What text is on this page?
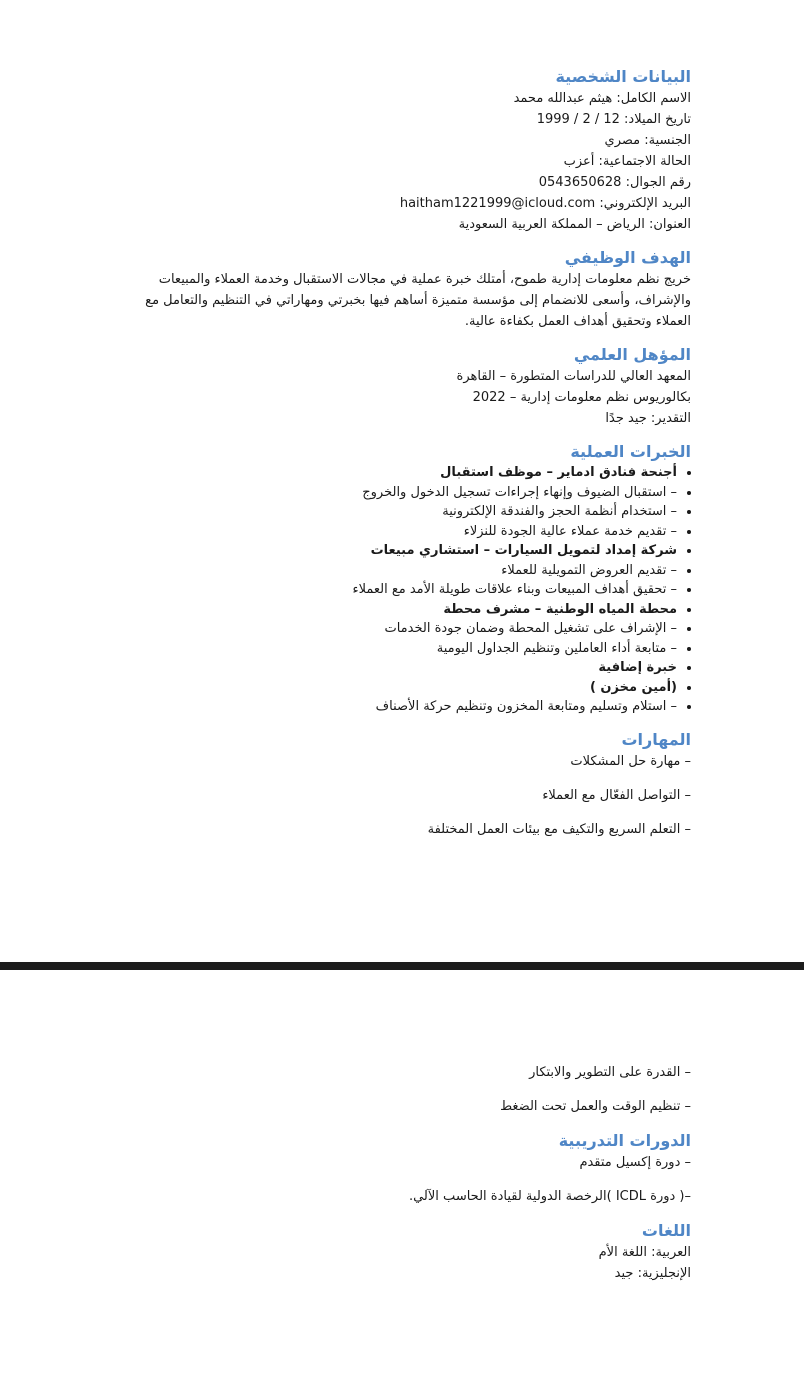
البيانات الشخصية

الاسم الكامل: هيثم عبدالله محمد

تاريخ الميلاد: 12 / 2 / 1999

الجنسية: مصري

الحالة الاجتماعية: أعزب

رقم الجوال: 0543650628

البريد الإلكتروني: haitham1221999@icloud.com

العنوان: الرياض – المملكة العربية السعودية

الهدف الوظيفي

خريج نظم معلومات إدارية طموح، أمتلك خبرة عملية في مجالات الاستقبال وخدمة العملاء والمبيعات والإشراف، وأسعى للانضمام إلى مؤسسة متميزة أساهم فيها بخبرتي ومهاراتي في التنظيم والتعامل مع العملاء وتحقيق أهداف العمل بكفاءة عالية.

المؤهل العلمي

المعهد العالي للدراسات المتطورة – القاهرة

بكالوريوس نظم معلومات إدارية – 2022

التقدير: جيد جدًا

الخبرات العملية
• أجنحة فنادق ادماير – موظف استقبال
• – استقبال الضيوف وإنهاء إجراءات تسجيل الدخول والخروج
• – استخدام أنظمة الحجز والفندقة الإلكترونية
• – تقديم خدمة عملاء عالية الجودة للنزلاء
• شركة إمداد لتمويل السيارات – استشاري مبيعات
• – تقديم العروض التمويلية للعملاء
• – تحقيق أهداف المبيعات وبناء علاقات طويلة الأمد مع العملاء
• محطة المياه الوطنية – مشرف محطة
• – الإشراف على تشغيل المحطة وضمان جودة الخدمات
• – متابعة أداء العاملين وتنظيم الجداول اليومية
• خبرة إضافية
• (أمين مخزن )
• – استلام وتسليم ومتابعة المخزون وتنظيم حركة الأصناف
المهارات

– مهارة حل المشكلات

– التواصل الفعّال مع العملاء

– التعلم السريع والتكيف مع بيئات العمل المختلفة

– القدرة على التطوير والابتكار

– تنظيم الوقت والعمل تحت الضغط

الدورات التدريبية

– دورة إكسيل متقدم

–( دورة ICDL )الرخصة الدولية لقيادة الحاسب الآلي.

اللغات

العربية: اللغة الأم

الإنجليزية: جيد
